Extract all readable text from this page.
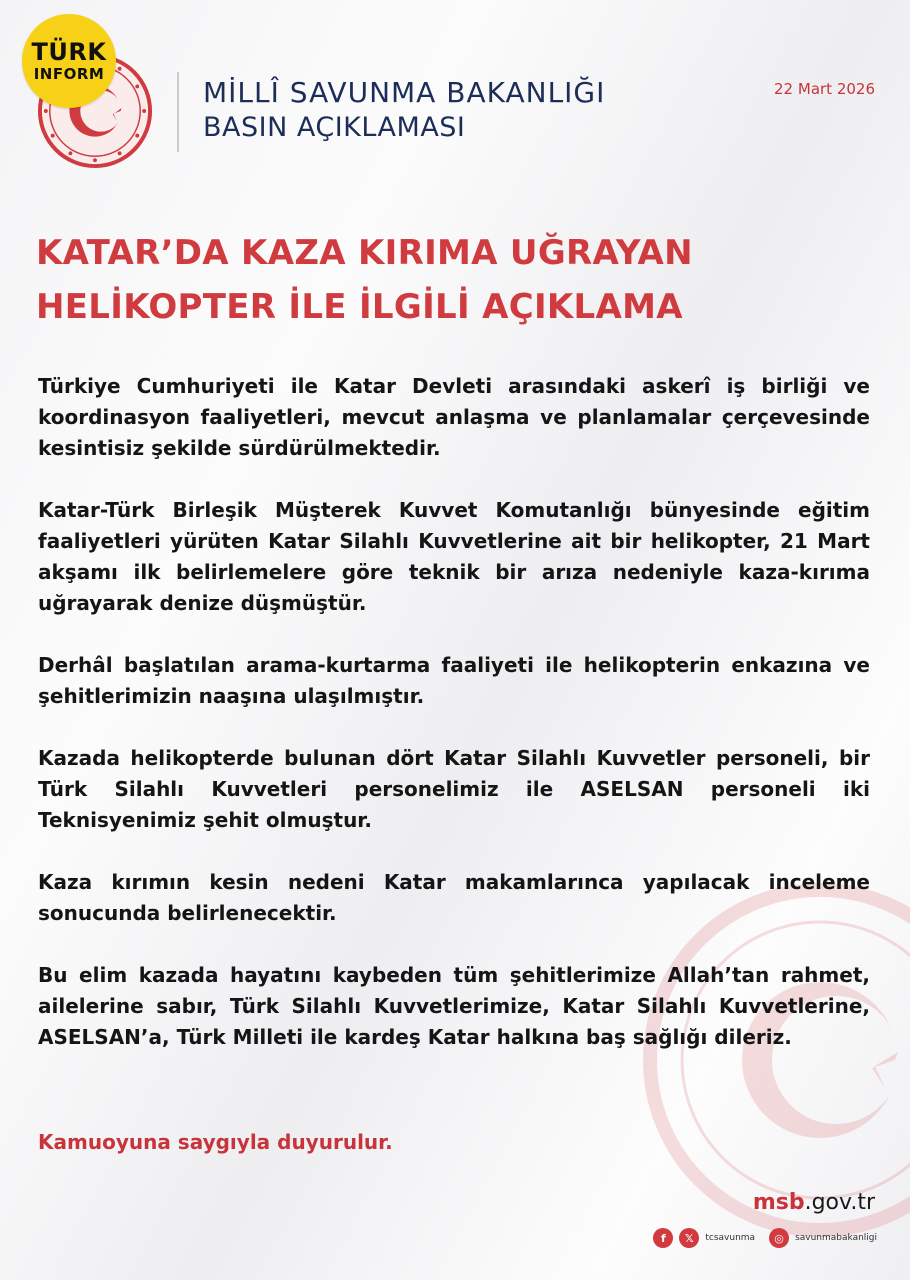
TÜRK
INFORM
MİLLÎ SAVUNMA BAKANLIĞI
BASIN AÇIKLAMASI
22 Mart 2026
KATAR’DA KAZA KIRIMA UĞRAYAN
HELİKOPTER İLE İLGİLİ AÇIKLAMA

Türkiye Cumhuriyeti ile Katar Devleti arasındaki askerî iş birliği ve koordinasyon faaliyetleri, mevcut anlaşma ve planlamalar çerçevesinde kesintisiz şekilde sürdürülmektedir.

Katar-Türk Birleşik Müşterek Kuvvet Komutanlığı bünyesinde eğitim faaliyetleri yürüten Katar Silahlı Kuvvetlerine ait bir helikopter, 21 Mart akşamı ilk belirlemelere göre teknik bir arıza nedeniyle kaza-kırıma uğrayarak denize düşmüştür.

Derhâl başlatılan arama-kurtarma faaliyeti ile helikopterin enkazına ve şehitlerimizin naaşına ulaşılmıştır.

Kazada helikopterde bulunan dört Katar Silahlı Kuvvetler personeli, bir Türk Silahlı Kuvvetleri personelimiz ile ASELSAN personeli iki Teknisyenimiz şehit olmuştur.

Kaza kırımın kesin nedeni Katar makamlarınca yapılacak inceleme sonucunda belirlenecektir.

Bu elim kazada hayatını kaybeden tüm şehitlerimize Allah’tan rahmet, ailelerine sabır, Türk Silahlı Kuvvetlerimize, Katar Silahlı Kuvvetlerine, ASELSAN’a, Türk Milleti ile kardeş Katar halkına baş sağlığı dileriz.

Kamuoyuna saygıyla duyurulur.
msb.gov.tr
f	𝕏	tcsavunma	◎	savunmabakanligi
